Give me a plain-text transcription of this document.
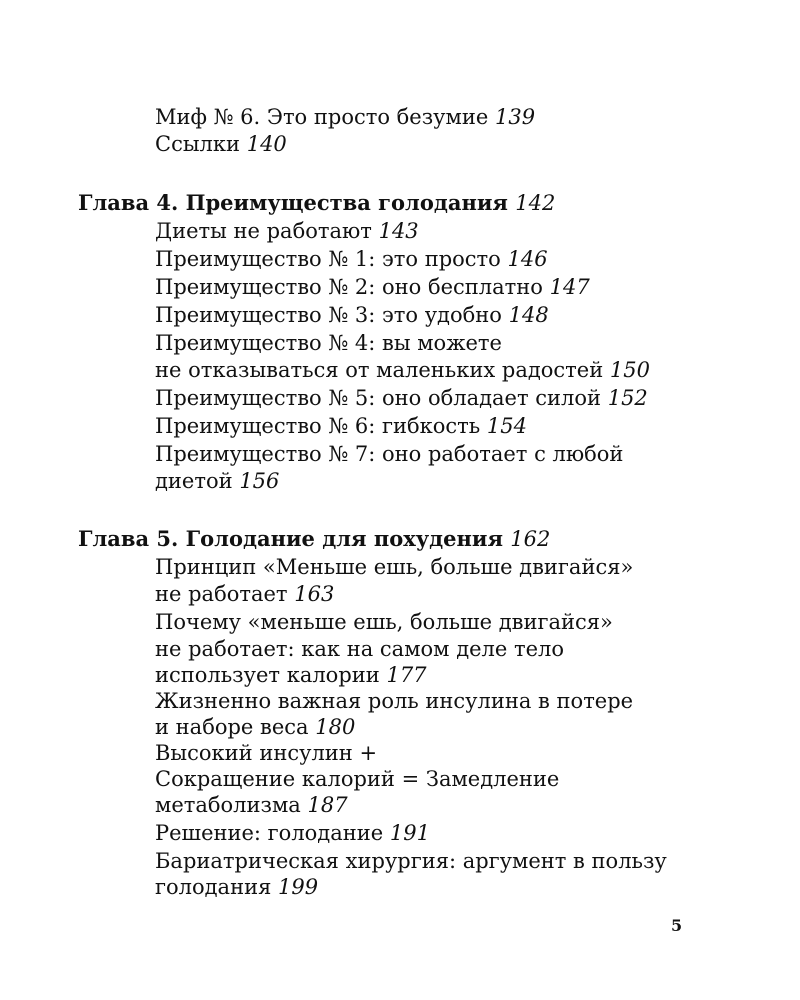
Миф № 6. Это просто безумие 139
Ссылки 140
Глава 4. Преимущества голодания 142
Диеты не работают 143
Преимущество № 1: это просто 146
Преимущество № 2: оно бесплатно 147
Преимущество № 3: это удобно 148
Преимущество № 4: вы можете
не отказываться от маленьких радостей 150
Преимущество № 5: оно обладает силой 152
Преимущество № 6: гибкость 154
Преимущество № 7: оно работает с любой
диетой 156
Глава 5. Голодание для похудения 162
Принцип «Меньше ешь, больше двигайся»
не работает 163
Почему «меньше ешь, больше двигайся»
не работает: как на самом деле тело
использует калории 177
Жизненно важная роль инсулина в потере
и наборе веса 180
Высокий инсулин +
Сокращение калорий = Замедление
метаболизма 187
Решение: голодание 191
Бариатрическая хирургия: аргумент в пользу
голодания 199
5
